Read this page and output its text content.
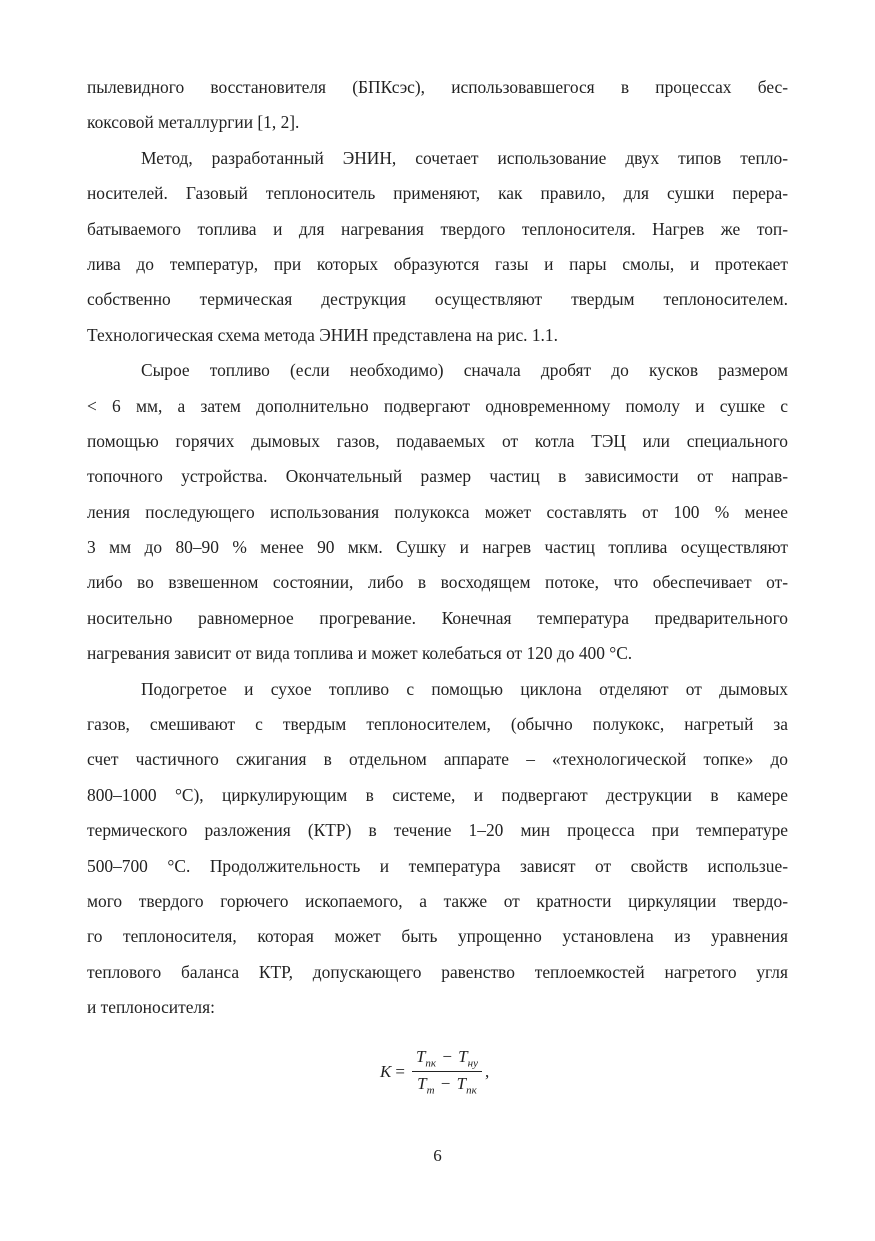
пылевидного восстановителя (БПКсэс), использовавшегося в процессах бес-
коксовой металлургии [1, 2].
Метод, разработанный ЭНИН, сочетает использование двух типов тепло-
носителей. Газовый теплоноситель применяют, как правило, для сушки перера-
батываемого топлива и для нагревания твердого теплоносителя. Нагрев же топ-
лива до температур, при которых образуются газы и пары смолы, и протекает
собственно термическая деструкция осуществляют твердым теплоносителем.
Технологическая схема метода ЭНИН представлена на рис. 1.1.
Сырое топливо (если необходимо) сначала дробят до кусков размером
< 6 мм, а затем дополнительно подвергают одновременному помолу и сушке с
помощью горячих дымовых газов, подаваемых от котла ТЭЦ или специального
топочного устройства. Окончательный размер частиц в зависимости от направ-
ления последующего использования полукокса может составлять от 100 % менее
3 мм до 80–90 % менее 90 мкм. Сушку и нагрев частиц топлива осуществляют
либо во взвешенном состоянии, либо в восходящем потоке, что обеспечивает от-
носительно равномерное прогревание. Конечная температура предварительного
нагревания зависит от вида топлива и может колебаться от 120 до 400 °С.
Подогретое и сухое топливо с помощью циклона отделяют от дымовых
газов, смешивают с твердым теплоносителем, (обычно полукокс, нагретый за
счет частичного сжигания в отдельном аппарате – «технологической топке» до
800–1000 °С), циркулирующим в системе, и подвергают деструкции в камере
термического разложения (КТР) в течение 1–20 мин процесса при температуре
500–700 °С. Продолжительность и температура зависят от свойств использue-
мого твердого горючего ископаемого, а также от кратности циркуляции твердо-
го теплоносителя, которая может быть упрощенно установлена из уравнения
теплового баланса КТР, допускающего равенство теплоемкостей нагретого угля
и теплоносителя:
$K = \frac{T_{пк} - T_{ну}}{T_т - T_{пк}}$ ,
6
